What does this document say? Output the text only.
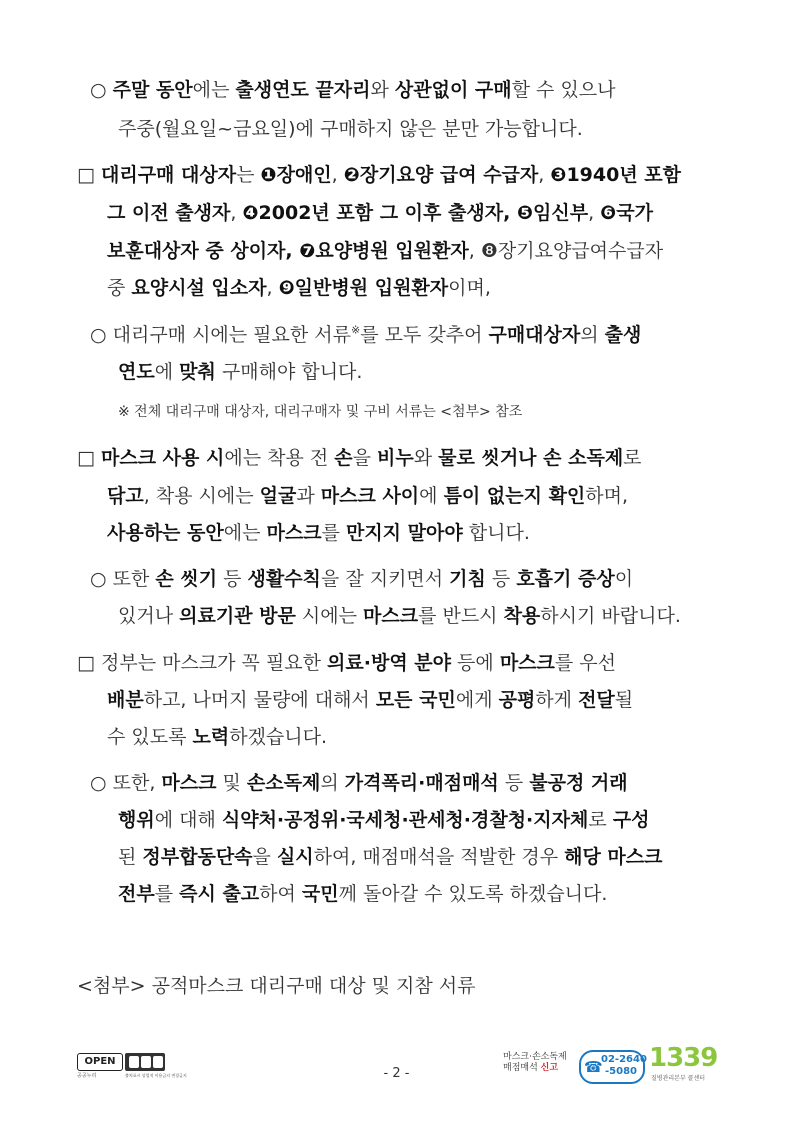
○ 주말 동안에는 출생연도 끝자리와 상관없이 구매할 수 있으나
주중(월요일~금요일)에 구매하지 않은 분만 가능합니다.
□ 대리구매 대상자는 ❶장애인, ❷장기요양 급여 수급자, ❸1940년 포함
그 이전 출생자, ❹2002년 포함 그 이후 출생자, ❺임신부, ❻국가
보훈대상자 중 상이자, ❼요양병원 입원환자, ❽장기요양급여수급자
중 요양시설 입소자, ❾일반병원 입원환자이며,
○ 대리구매 시에는 필요한 서류※를 모두 갖추어 구매대상자의 출생
연도에 맞춰 구매해야 합니다.
※ 전체 대리구매 대상자, 대리구매자 및 구비 서류는 <첨부> 참조
□ 마스크 사용 시에는 착용 전 손을 비누와 물로 씻거나 손 소독제로
닦고, 착용 시에는 얼굴과 마스크 사이에 틈이 없는지 확인하며,
사용하는 동안에는 마스크를 만지지 말아야 합니다.
○ 또한 손 씻기 등 생활수칙을 잘 지키면서 기침 등 호흡기 증상이
있거나 의료기관 방문 시에는 마스크를 반드시 착용하시기 바랍니다.
□ 정부는 마스크가 꼭 필요한 의료·방역 분야 등에 마스크를 우선
배분하고, 나머지 물량에 대해서 모든 국민에게 공평하게 전달될
수 있도록 노력하겠습니다.
○ 또한, 마스크 및 손소독제의 가격폭리·매점매석 등 불공정 거래
행위에 대해 식약처·공정위·국세청·관세청·경찰청·지자체로 구성
된 정부합동단속을 실시하여, 매점매석을 적발한 경우 해당 마스크
전부를 즉시 출고하여 국민께 돌아갈 수 있도록 하겠습니다.
<첨부> 공적마스크 대리구매 대상 및 지참 서류
OPEN
공공누리	출처표시 상업적 이용금지 변경금지	- 2 -
마스크·손소독제
매점매석 신고 ☎
02-2640
-5080 1339
질병관리본부 콜센터
